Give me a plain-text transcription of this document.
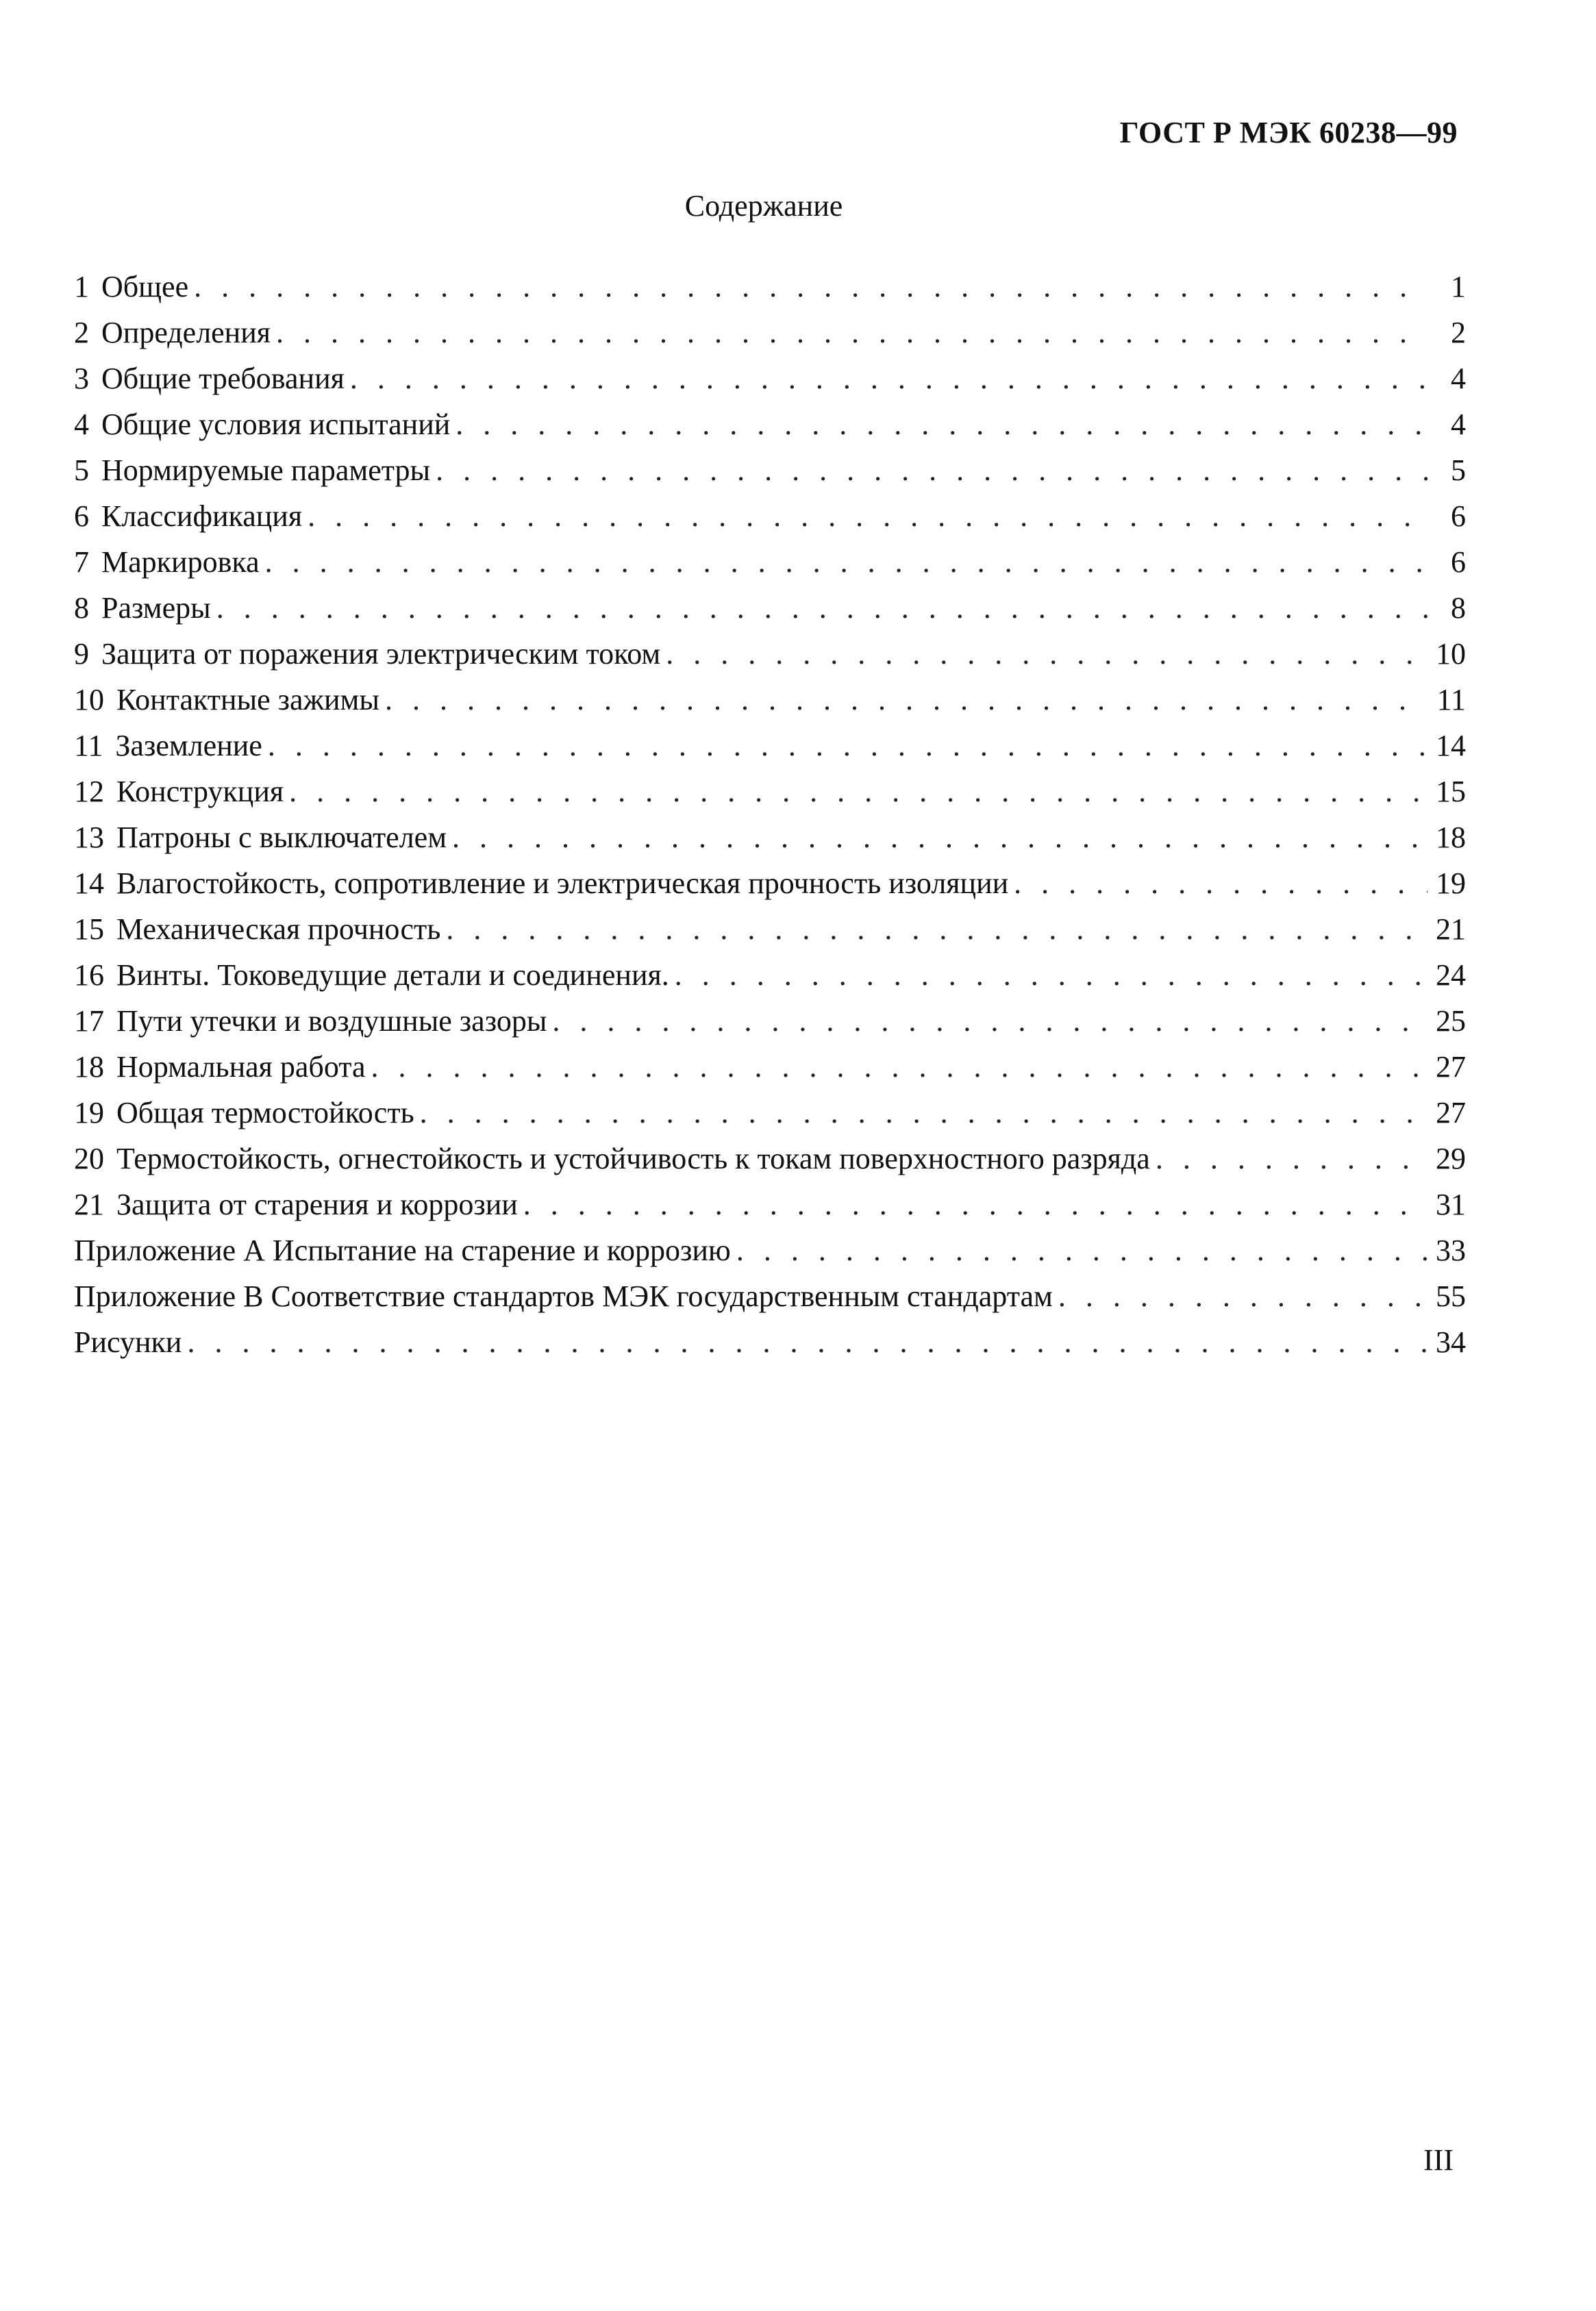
ГОСТ Р МЭК 60238—99
Содержание
1 Общее . . .	1
2 Определения . . .	2
3 Общие требования . . .	4
4 Общие условия испытаний . . .	4
5 Нормируемые параметры . . .	5
6 Классификация . . .	6
7 Маркировка . . .	6
8 Размеры . . .	8
9 Защита от поражения электрическим током . . .	10
10 Контактные зажимы . . .	11
11 Заземление . . .	14
12 Конструкция . . .	15
13 Патроны с выключателем . . .	18
14 Влагостойкость, сопротивление и электрическая прочность изоляции . . .	19
15 Механическая прочность . . .	21
16 Винты. Токоведущие детали и соединения. . . .	24
17 Пути утечки и воздушные зазоры . . .	25
18 Нормальная работа . . .	27
19 Общая термостойкость . . .	27
20 Термостойкость, огнестойкость и устойчивость к токам поверхностного разряда . . .	29
21 Защита от старения и коррозии . . .	31
Приложение А Испытание на старение и коррозию . . .	33
Приложение В Соответствие стандартов МЭК государственным стандартам . . .	55
Рисунки . . .	34
III
